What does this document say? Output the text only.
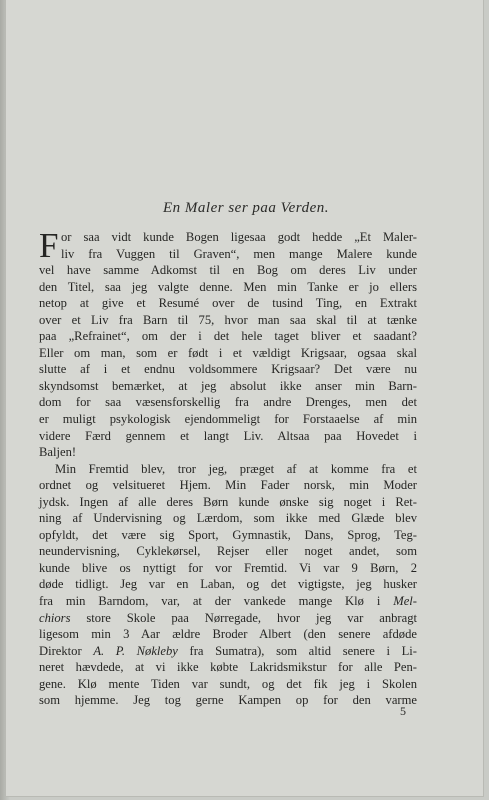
En Maler ser paa Verden.
F or saa vidt kunde Bogen ligesaa godt hedde „Et Maler-
liv fra Vuggen til Graven“, men mange Malere kunde
vel have samme Adkomst til en Bog om deres Liv under
den Titel, saa jeg valgte denne. Men min Tanke er jo ellers
netop at give et Resumé over de tusind Ting, en Extrakt
over et Liv fra Barn til 75, hvor man saa skal til at tænke
paa „Refrainet“, om der i det hele taget bliver et saadant?
Eller om man, som er født i et vældigt Krigsaar, ogsaa skal
slutte af i et endnu voldsommere Krigsaar? Det være nu
skyndsomst bemærket, at jeg absolut ikke anser min Barn-
dom for saa væsensforskellig fra andre Drenges, men det
er muligt psykologisk ejendommeligt for Forstaaelse af min
videre Færd gennem et langt Liv. Altsaa paa Hovedet i
Baljen!
Min Fremtid blev, tror jeg, præget af at komme fra et
ordnet og velsitueret Hjem. Min Fader norsk, min Moder
jydsk. Ingen af alle deres Børn kunde ønske sig noget i Ret-
ning af Undervisning og Lærdom, som ikke med Glæde blev
opfyldt, det være sig Sport, Gymnastik, Dans, Sprog, Teg-
neundervisning, Cyklekørsel, Rejser eller noget andet, som
kunde blive os nyttigt for vor Fremtid. Vi var 9 Børn, 2
døde tidligt. Jeg var en Laban, og det vigtigste, jeg husker
fra min Barndom, var, at der vankede mange Klø i Mel-
chiors store Skole paa Nørregade, hvor jeg var anbragt
ligesom min 3 Aar ældre Broder Albert (den senere afdøde
Direktor A. P. Nøkleby fra Sumatra), som altid senere i Li-
neret hævdede, at vi ikke købte Lakridsmikstur for alle Pen-
gene. Klø mente Tiden var sundt, og det fik jeg i Skolen
som hjemme. Jeg tog gerne Kampen op for den varme
5
